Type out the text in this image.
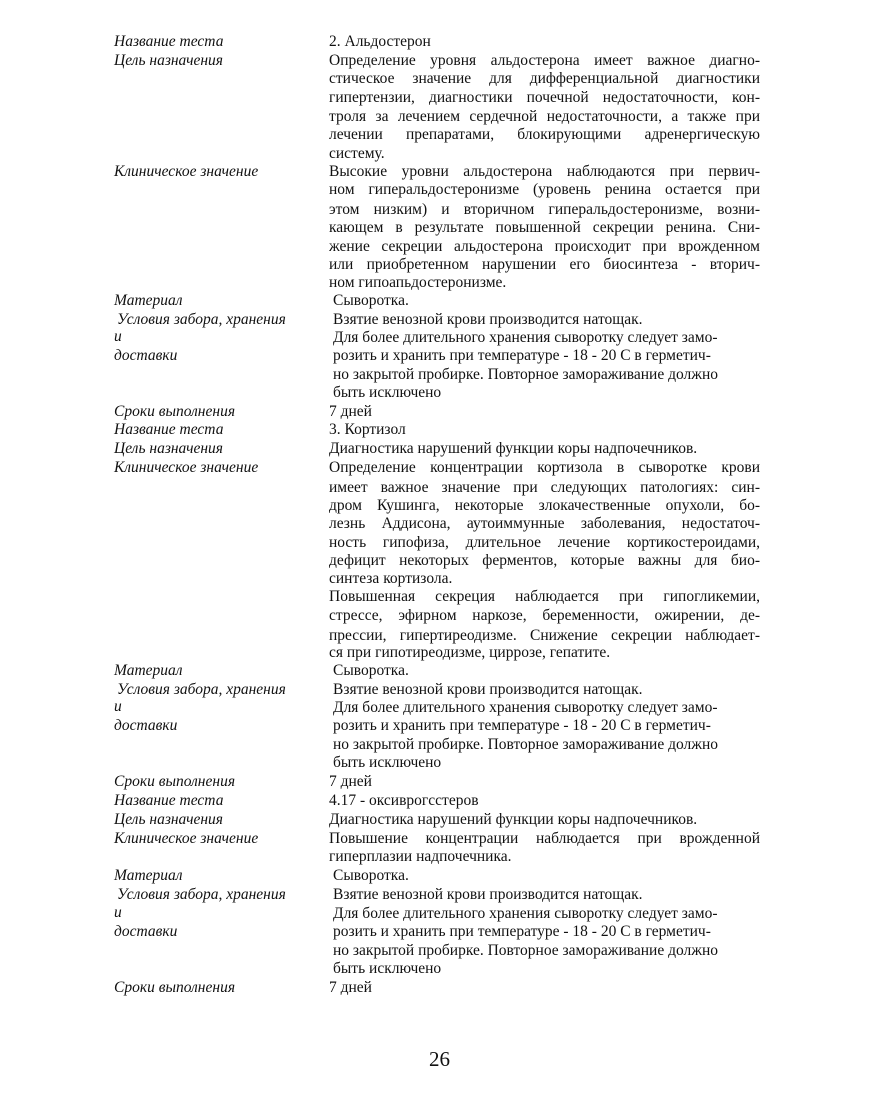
Название теста	2. Альдостерон
Цель назначения	Определение уровня альдостерона имеет важное диагно-
стическое значение для дифференциальной диагностики
гипертензии, диагностики почечной недостаточности, кон-
троля за лечением сердечной недостаточности, а также при
лечении препаратами, блокирующими адренергическую
систему.
Клиническое значение	Высокие уровни альдостерона наблюдаются при первич-
ном гиперальдостеронизме (уровень ренина остается при
этом низким) и вторичном гиперальдостеронизме, возни-
кающем в результате повышенной секреции ренина. Сни-
жение секреции альдостерона происходит при врожденном
или приобретенном нарушении его биосинтеза - вторич-
ном гипоапьдостеронизме.
Материал	Сыворотка.
Условия забора, хранения	Взятие венозной крови производится натощак.
и	Для более длительного хранения сыворотку следует замо-
доставки	розить и хранить при температуре - 18 - 20 С в герметич-
но закрытой пробирке. Повторное замораживание должно
быть исключено
Сроки выполнения	7 дней
Название теста	3. Кортизол
Цель назначения	Диагностика нарушений функции коры надпочечников.
Клиническое значение	Определение концентрации кортизола в сыворотке крови
имеет важное значение при следующих патологиях: син-
дром Кушинга, некоторые злокачественные опухоли, бо-
лезнь Аддисона, аутоиммунные заболевания, недостаточ-
ность гипофиза, длительное лечение кортикостероидами,
дефицит некоторых ферментов, которые важны для био-
синтеза кортизола.
Повышенная секреция наблюдается при гипогликемии,
стрессе, эфирном наркозе, беременности, ожирении, де-
прессии, гипертиреодизме. Снижение секреции наблюдает-
ся при гипотиреодизме, циррозе, гепатите.
Материал	Сыворотка.
Условия забора, хранения	Взятие венозной крови производится натощак.
и	Для более длительного хранения сыворотку следует замо-
доставки	розить и хранить при температуре - 18 - 20 С в герметич-
но закрытой пробирке. Повторное замораживание должно
быть исключено
Сроки выполнения	7 дней
Название теста	4.17 - оксиврогсстеров
Цель назначения	Диагностика нарушений функции коры надпочечников.
Клиническое значение	Повышение концентрации наблюдается при врожденной
гиперплазии надпочечника.
Материал	Сыворотка.
Условия забора, хранения	Взятие венозной крови производится натощак.
и	Для более длительного хранения сыворотку следует замо-
доставки	розить и хранить при температуре - 18 - 20 С в герметич-
но закрытой пробирке. Повторное замораживание должно
быть исключено
Сроки выполнения	7 дней
26
